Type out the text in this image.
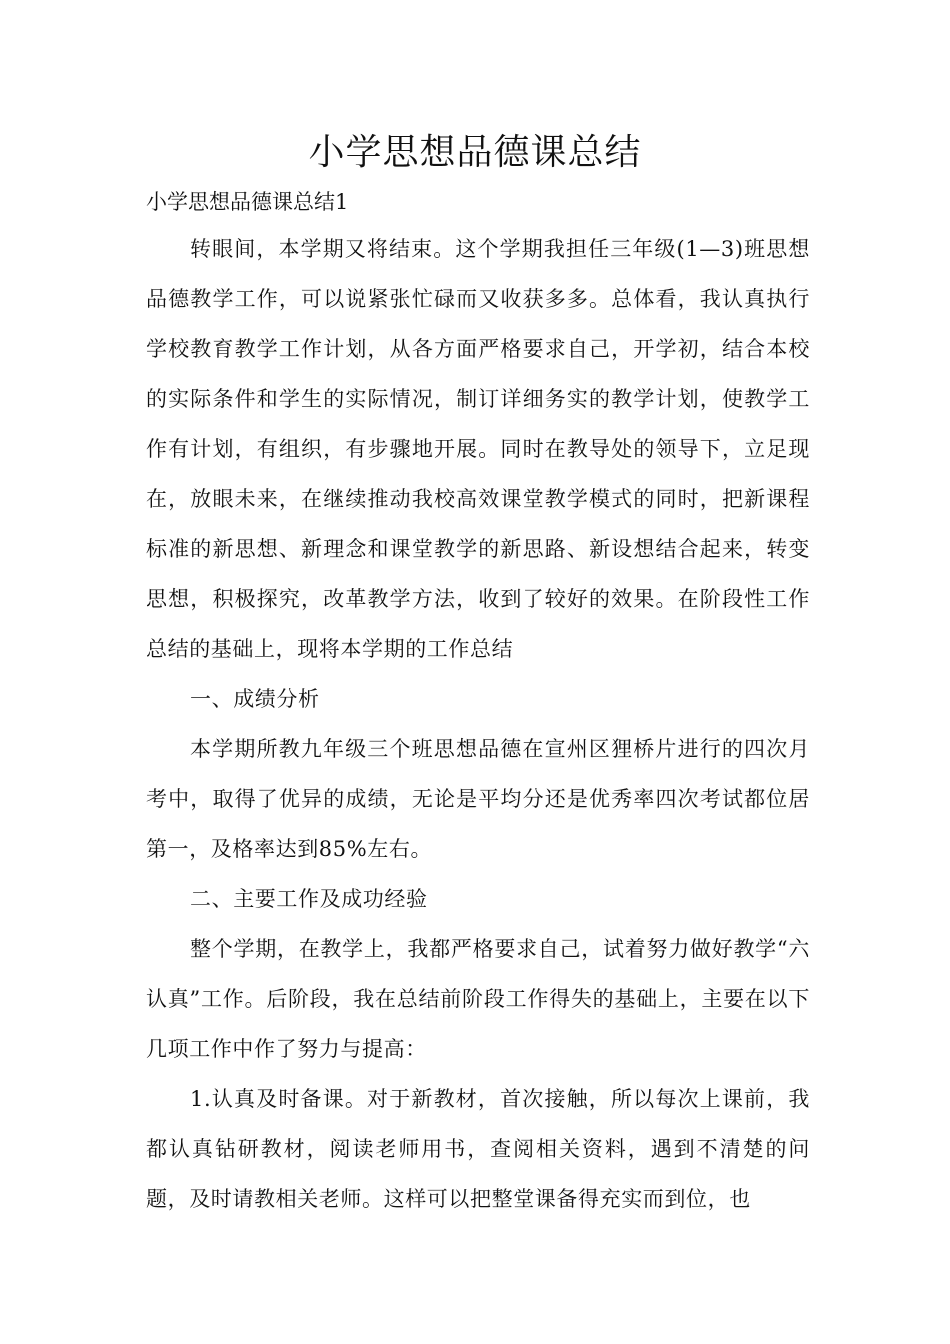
小学思想品德课总结
小学思想品德课总结1

转眼间，本学期又将结束。这个学期我担任三年级(1—3)班思想品德教学工作，可以说紧张忙碌而又收获多多。总体看，我认真执行学校教育教学工作计划，从各方面严格要求自己，开学初，结合本校的实际条件和学生的实际情况，制订详细务实的教学计划，使教学工作有计划，有组织，有步骤地开展。同时在教导处的领导下，立足现在，放眼未来，在继续推动我校高效课堂教学模式的同时，把新课程标准的新思想、新理念和课堂教学的新思路、新设想结合起来，转变思想，积极探究，改革教学方法，收到了较好的效果。在阶段性工作总结的基础上，现将本学期的工作总结

一、成绩分析

本学期所教九年级三个班思想品德在宣州区狸桥片进行的四次月考中，取得了优异的成绩，无论是平均分还是优秀率四次考试都位居第一，及格率达到85%左右。

二、主要工作及成功经验

整个学期，在教学上，我都严格要求自己，试着努力做好教学“六认真”工作。后阶段，我在总结前阶段工作得失的基础上，主要在以下几项工作中作了努力与提高：

1.认真及时备课。对于新教材，首次接触，所以每次上课前，我都认真钻研教材，阅读老师用书，查阅相关资料，遇到不清楚的问题，及时请教相关老师。这样可以把整堂课备得充实而到位，也
